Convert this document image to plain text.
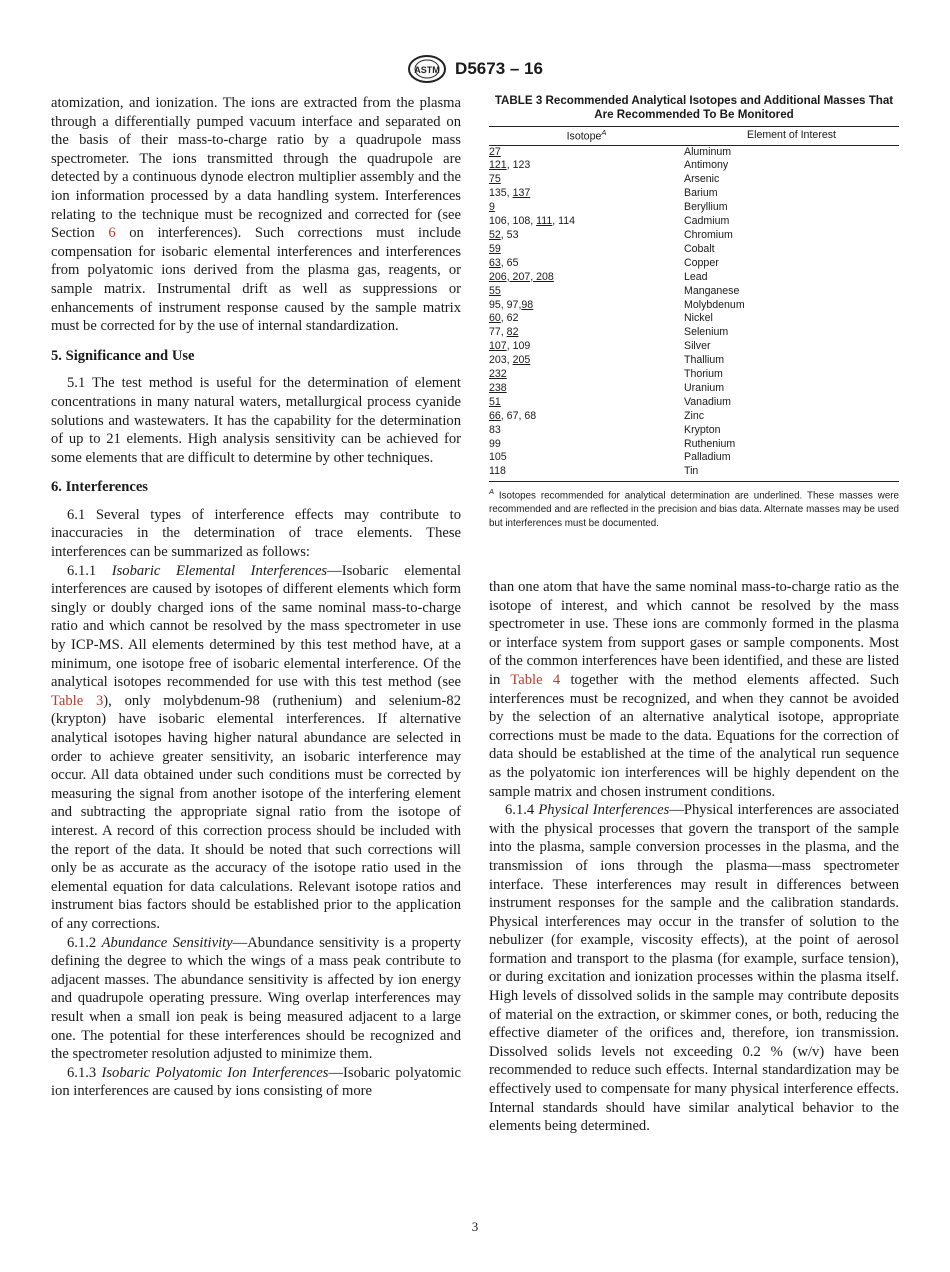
ASTM D5673 – 16

atomization, and ionization. The ions are extracted from the plasma through a differentially pumped vacuum interface and separated on the basis of their mass-to-charge ratio by a quadrupole mass spectrometer. The ions transmitted through the quadrupole are detected by a continuous dynode electron multiplier assembly and the ion information processed by a data handling system. Interferences relating to the technique must be recognized and corrected for (see Section 6 on interferences). Such corrections must include compensation for isobaric elemental interferences and interferences from polyatomic ions derived from the plasma gas, reagents, or sample matrix. Instrumental drift as well as suppressions or enhancements of instrument response caused by the sample matrix must be corrected for by the use of internal standardization.

5. Significance and Use

5.1 The test method is useful for the determination of element concentrations in many natural waters, metallurgical process cyanide solutions and wastewaters. It has the capability for the determination of up to 21 elements. High analysis sensitivity can be achieved for some elements that are difficult to determine by other techniques.

6. Interferences

6.1 Several types of interference effects may contribute to inaccuracies in the determination of trace elements. These interferences can be summarized as follows:

6.1.1 Isobaric Elemental Interferences—Isobaric elemental interferences are caused by isotopes of different elements which form singly or doubly charged ions of the same nominal mass-to-charge ratio and which cannot be resolved by the mass spectrometer in use by ICP-MS. All elements determined by this test method have, at a minimum, one isotope free of isobaric elemental interference. Of the analytical isotopes recommended for use with this test method (see Table 3), only molybdenum-98 (ruthenium) and selenium-82 (krypton) have isobaric elemental interferences. If alternative analytical isotopes having higher natural abundance are selected in order to achieve greater sensitivity, an isobaric interference may occur. All data obtained under such conditions must be corrected by measuring the signal from another isotope of the interfering element and subtracting the appropriate signal ratio from the isotope of interest. A record of this correction process should be included with the report of the data. It should be noted that such corrections will only be as accurate as the accuracy of the isotope ratio used in the elemental equation for data calculations. Relevant isotope ratios and instrument bias factors should be established prior to the application of any corrections.

6.1.2 Abundance Sensitivity—Abundance sensitivity is a property defining the degree to which the wings of a mass peak contribute to adjacent masses. The abundance sensitivity is affected by ion energy and quadrupole operating pressure. Wing overlap interferences may result when a small ion peak is being measured adjacent to a large one. The potential for these interferences should be recognized and the spectrometer resolution adjusted to minimize them.

6.1.3 Isobaric Polyatomic Ion Interferences—Isobaric polyatomic ion interferences are caused by ions consisting of more

TABLE 3 Recommended Analytical Isotopes and Additional Masses That Are Recommended To Be Monitored
Isotope$^A$	Element of Interest
27	Aluminum
121, 123	Antimony
75	Arsenic
135, 137	Barium
9	Beryllium
106, 108, 111, 114	Cadmium
52, 53	Chromium
59	Cobalt
63, 65	Copper
206, 207, 208	Lead
55	Manganese
95, 97,98	Molybdenum
60, 62	Nickel
77, 82	Selenium
107, 109	Silver
203, 205	Thallium
232	Thorium
238	Uranium
51	Vanadium
66, 67, 68	Zinc
83	Krypton
99	Ruthenium
105	Palladium
118	Tin
$^A$ Isotopes recommended for analytical determination are underlined. These masses were recommended and are reflected in the precision and bias data. Alternate masses may be used but interferences must be documented.

than one atom that have the same nominal mass-to-charge ratio as the isotope of interest, and which cannot be resolved by the mass spectrometer in use. These ions are commonly formed in the plasma or interface system from support gases or sample components. Most of the common interferences have been identified, and these are listed in Table 4 together with the method elements affected. Such interferences must be recognized, and when they cannot be avoided by the selection of an alternative analytical isotope, appropriate corrections must be made to the data. Equations for the correction of data should be established at the time of the analytical run sequence as the polyatomic ion interferences will be highly dependent on the sample matrix and chosen instrument conditions.

6.1.4 Physical Interferences—Physical interferences are associated with the physical processes that govern the transport of the sample into the plasma, sample conversion processes in the plasma, and the transmission of ions through the plasma—mass spectrometer interface. These interferences may result in differences between instrument responses for the sample and the calibration standards. Physical interferences may occur in the transfer of solution to the nebulizer (for example, viscosity effects), at the point of aerosol formation and transport to the plasma (for example, surface tension), or during excitation and ionization processes within the plasma itself. High levels of dissolved solids in the sample may contribute deposits of material on the extraction, or skimmer cones, or both, reducing the effective diameter of the orifices and, therefore, ion transmission. Dissolved solids levels not exceeding 0.2 % (w/v) have been recommended to reduce such effects. Internal standardization may be effectively used to compensate for many physical interference effects. Internal standards should have similar analytical behavior to the elements being determined.

3
